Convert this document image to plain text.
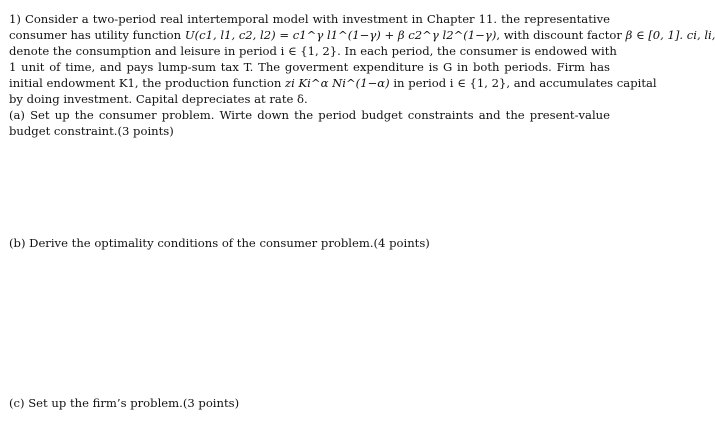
1) Consider a two-period real intertemporal model with investment in Chapter 11. the representative
consumer has utility function U(c1, l1, c2, l2) = c1^γ l1^(1−γ) + β c2^γ l2^(1−γ), with discount factor β ∈ [0, 1]. ci, li,
denote the consumption and leisure in period i ∈ {1, 2}. In each period, the consumer is endowed with
1 unit of time, and pays lump-sum tax T. The goverment expenditure is G in both periods. Firm has
initial endowment K1, the production function zi Ki^α Ni^(1−α) in period i ∈ {1, 2}, and accumulates capital
by doing investment. Capital depreciates at rate δ.
(a) Set up the consumer problem. Wirte down the period budget constraints and the present-value
budget constraint.(3 points)
(b) Derive the optimality conditions of the consumer problem.(4 points)
(c) Set up the firm’s problem.(3 points)
